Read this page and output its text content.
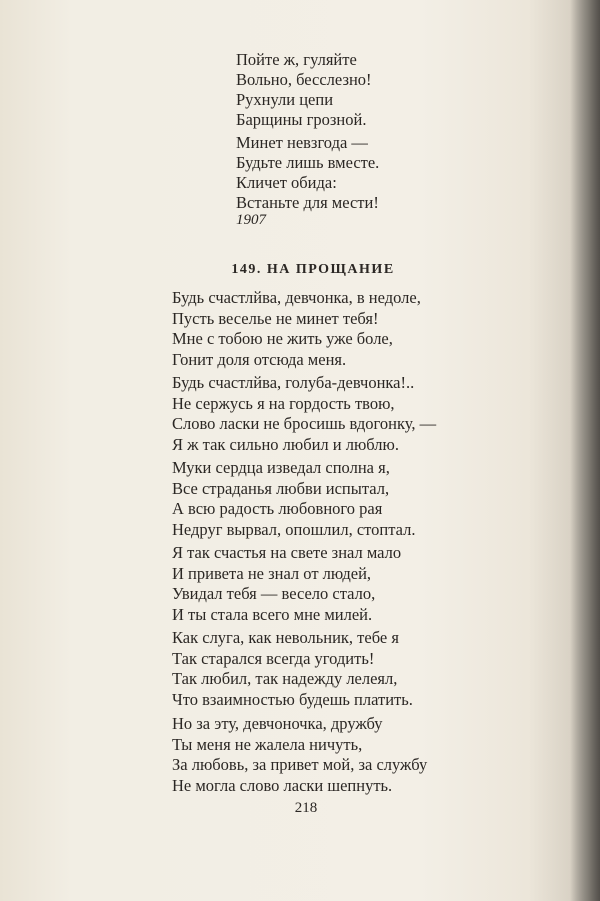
Пойте ж, гуляйте
Вольно, бесслезно!
Рухнули цепи
Барщины грозной.
Минет невзгода —
Будьте лишь вместе.
Кличет обида:
Встаньте для мести!
1907
149. НА ПРОЩАНИЕ
Будь счастлйва, девчонка, в недоле,
Пусть веселье не минет тебя!
Мне с тобою не жить уже боле,
Гонит доля отсюда меня.
Будь счастлйва, голуба-девчонка!..
Не сержусь я на гордость твою,
Слово ласки не бросишь вдогонку, —
Я ж так сильно любил и люблю.
Муки сердца изведал сполна я,
Все страданья любви испытал,
А всю радость любовного рая
Недруг вырвал, опошлил, стоптал.
Я так счастья на свете знал мало
И привета не знал от людей,
Увидал тебя — весело стало,
И ты стала всего мне милей.
Как слуга, как невольник, тебе я
Так старался всегда угодить!
Так любил, так надежду лелеял,
Что взаимностью будешь платить.
Но за эту, девчоночка, дружбу
Ты меня не жалела ничуть,
За любовь, за привет мой, за службу
Не могла слово ласки шепнуть.
218
